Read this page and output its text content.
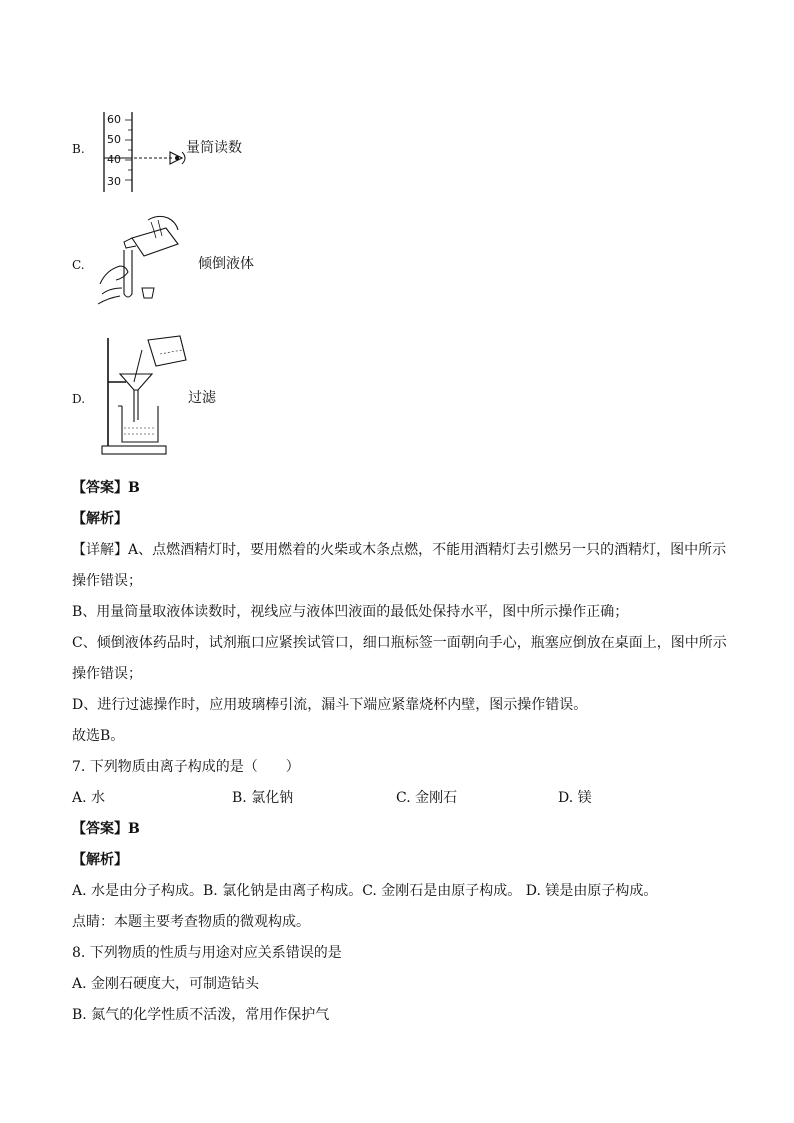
B.
60
50
40
30
量筒读数
C.	倾倒液体
D.	过滤
【答案】B
【解析】
【详解】A、点燃酒精灯时，要用燃着的火柴或木条点燃，不能用酒精灯去引燃另一只的酒精灯，图中所示
操作错误；
B、用量筒量取液体读数时，视线应与液体凹液面的最低处保持水平，图中所示操作正确；
C、倾倒液体药品时，试剂瓶口应紧挨试管口，细口瓶标签一面朝向手心，瓶塞应倒放在桌面上，图中所示
操作错误；
D、进行过滤操作时，应用玻璃棒引流，漏斗下端应紧靠烧杯内壁，图示操作错误。
故选B。
7. 下列物质由离子构成的是（　　）
A. 水	B. 氯化钠	C. 金刚石	D. 镁
【答案】B
【解析】
A. 水是由分子构成。B. 氯化钠是由离子构成。C. 金刚石是由原子构成。 D. 镁是由原子构成。
点睛：本题主要考查物质的微观构成。
8. 下列物质的性质与用途对应关系错误的是
A. 金刚石硬度大，可制造钻头
B. 氮气的化学性质不活泼，常用作保护气
